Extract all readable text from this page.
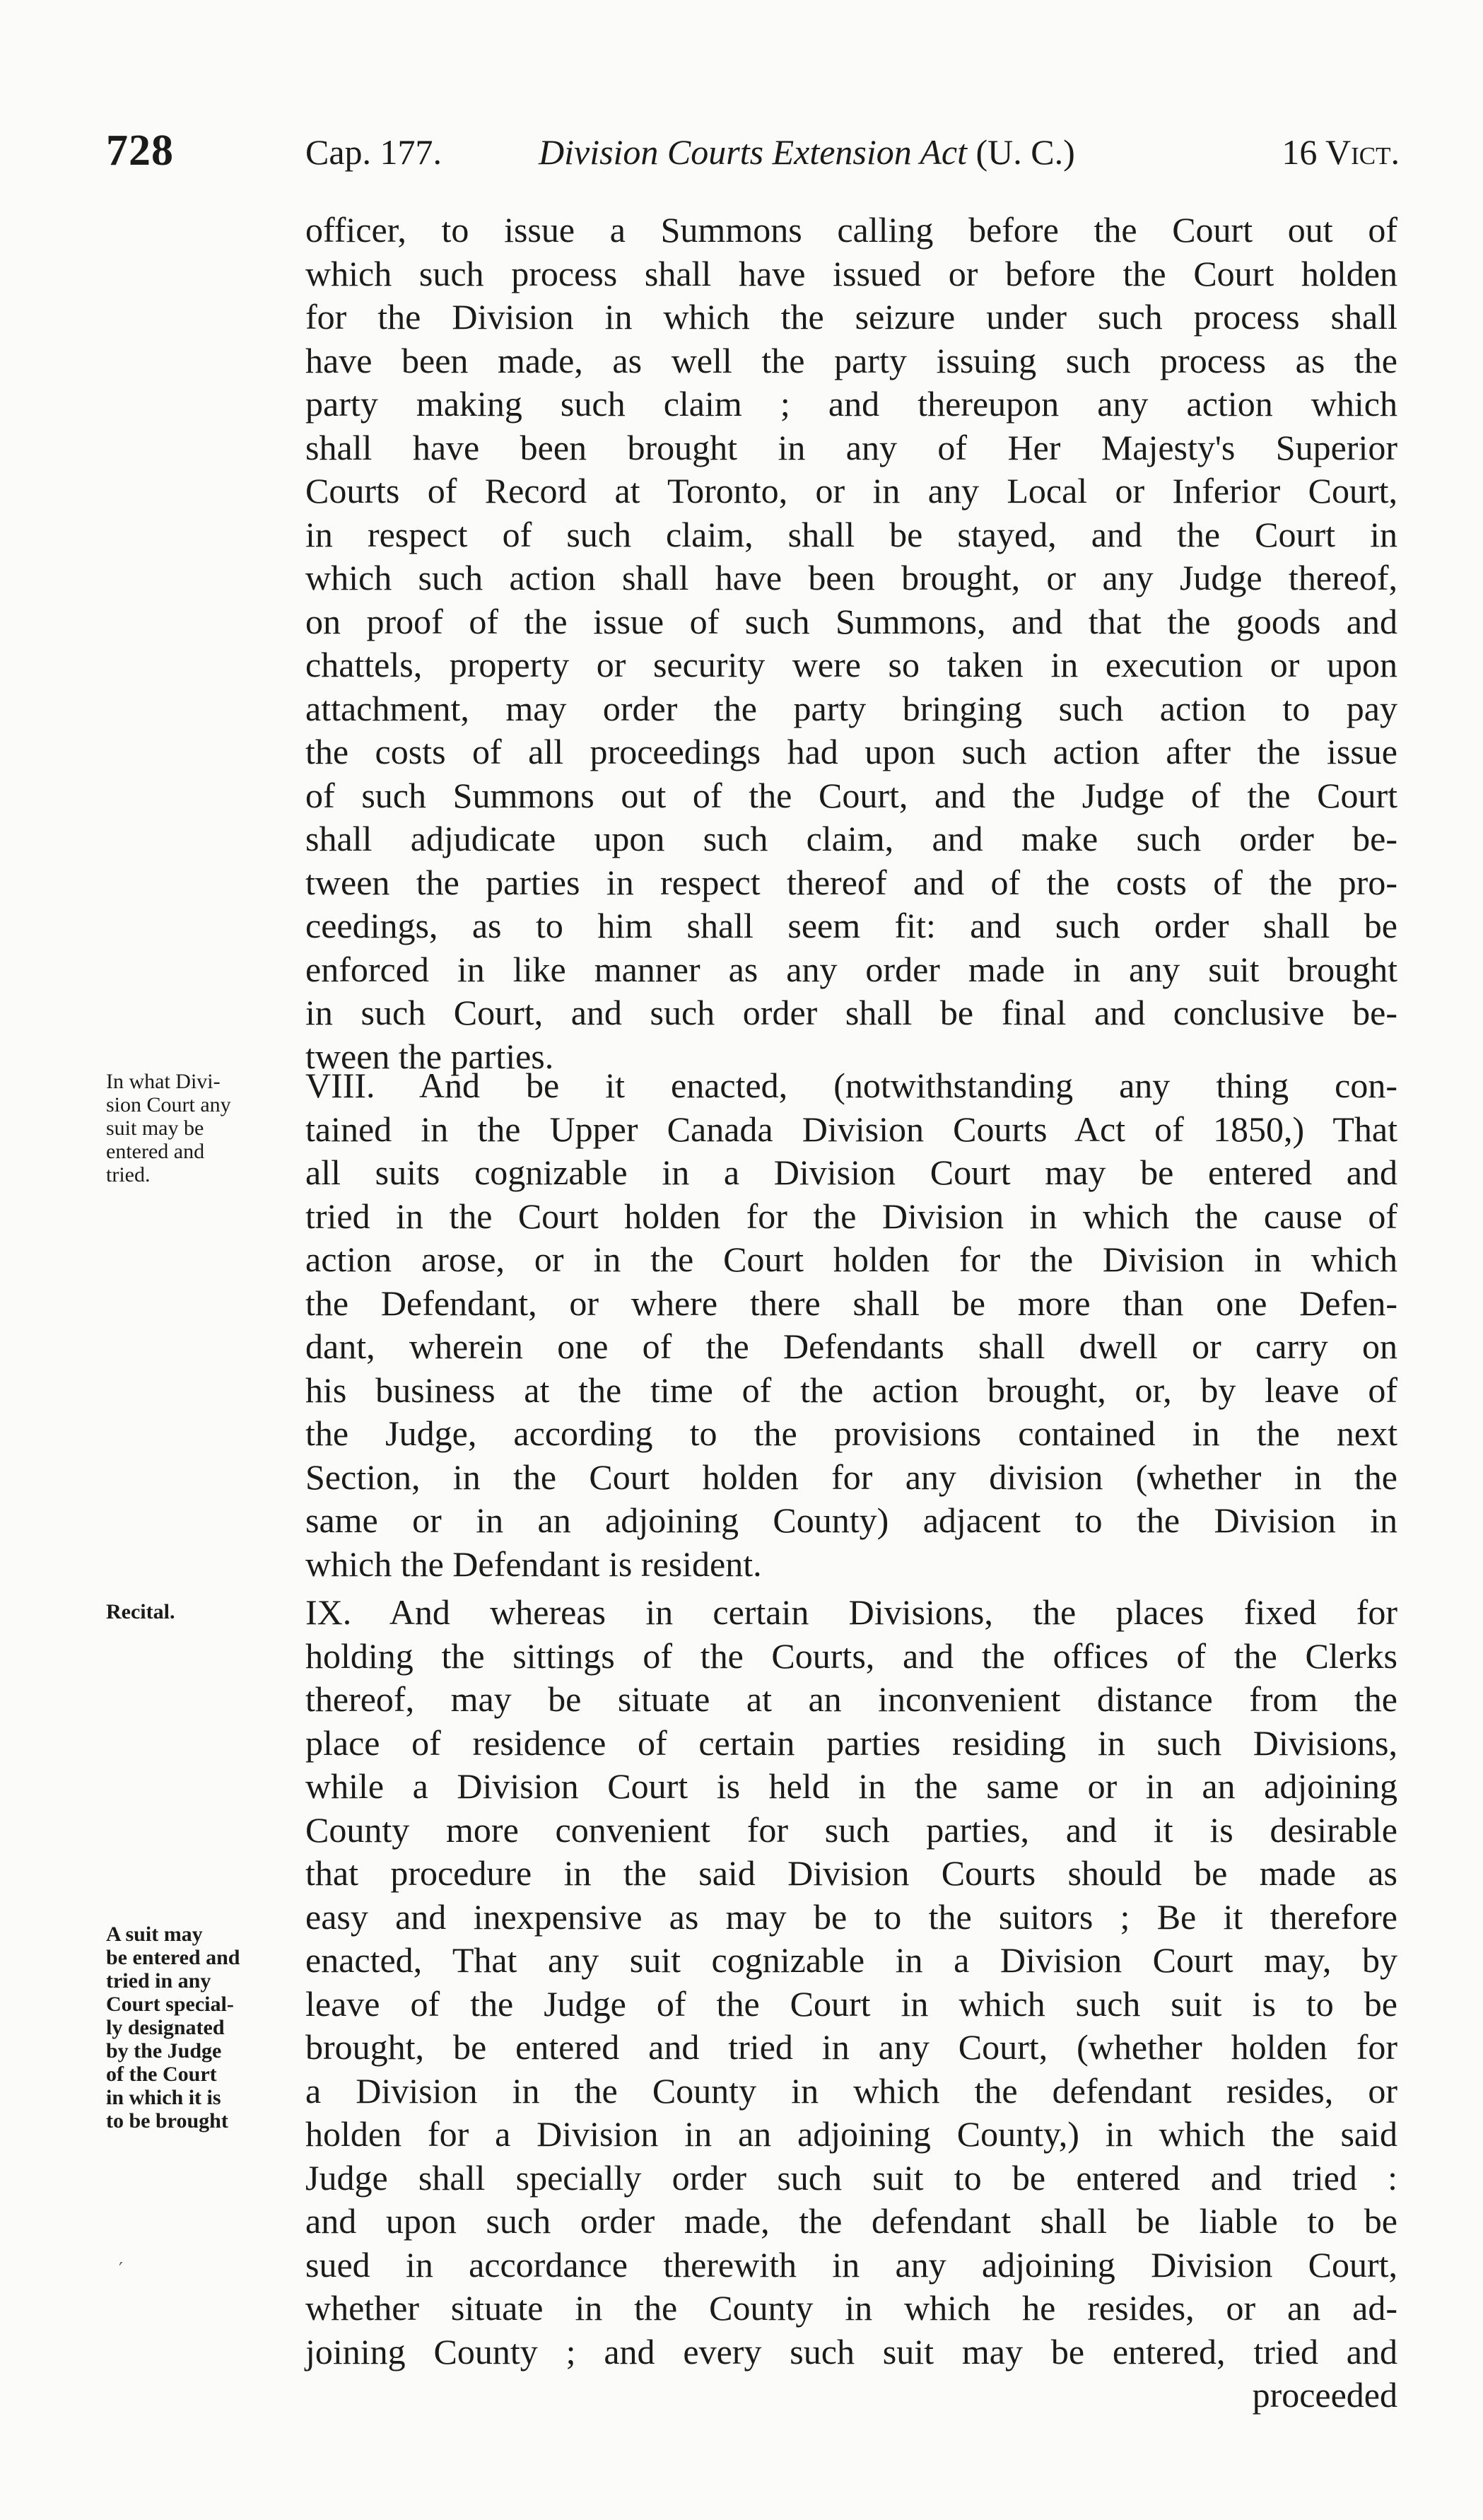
728	Cap. 177.	Division Courts Extension Act (U. C.)	16 Vict.
officer, to issue a Summons calling before the Court out of
which such process shall have issued or before the Court holden
for the Division in which the seizure under such process shall
have been made, as well the party issuing such process as the
party making such claim ; and thereupon any action which
shall have been brought in any of Her Majesty's Superior
Courts of Record at Toronto, or in any Local or Inferior Court,
in respect of such claim, shall be stayed, and the Court in
which such action shall have been brought, or any Judge thereof,
on proof of the issue of such Summons, and that the goods and
chattels, property or security were so taken in execution or upon
attachment, may order the party bringing such action to pay
the costs of all proceedings had upon such action after the issue
of such Summons out of the Court, and the Judge of the Court
shall adjudicate upon such claim, and make such order be-
tween the parties in respect thereof and of the costs of the pro-
ceedings, as to him shall seem fit: and such order shall be
enforced in like manner as any order made in any suit brought
in such Court, and such order shall be final and conclusive be-
tween the parties.
In what Divi-
sion Court any
suit may be
entered and
tried.
VIII. And be it enacted, (notwithstanding any thing con-
tained in the Upper Canada Division Courts Act of 1850,) That
all suits cognizable in a Division Court may be entered and
tried in the Court holden for the Division in which the cause of
action arose, or in the Court holden for the Division in which
the Defendant, or where there shall be more than one Defen-
dant, wherein one of the Defendants shall dwell or carry on
his business at the time of the action brought, or, by leave of
the Judge, according to the provisions contained in the next
Section, in the Court holden for any division (whether in the
same or in an adjoining County) adjacent to the Division in
which the Defendant is resident.
Recital.
A suit may
be entered and
tried in any
Court special-
ly designated
by the Judge
of the Court
in which it is
to be brought
′
IX. And whereas in certain Divisions, the places fixed for
holding the sittings of the Courts, and the offices of the Clerks
thereof, may be situate at an inconvenient distance from the
place of residence of certain parties residing in such Divisions,
while a Division Court is held in the same or in an adjoining
County more convenient for such parties, and it is desirable
that procedure in the said Division Courts should be made as
easy and inexpensive as may be to the suitors ; Be it therefore
enacted, That any suit cognizable in a Division Court may, by
leave of the Judge of the Court in which such suit is to be
brought, be entered and tried in any Court, (whether holden for
a Division in the County in which the defendant resides, or
holden for a Division in an adjoining County,) in which the said
Judge shall specially order such suit to be entered and tried :
and upon such order made, the defendant shall be liable to be
sued in accordance therewith in any adjoining Division Court,
whether situate in the County in which he resides, or an ad-
joining County ; and every such suit may be entered, tried and
proceeded
